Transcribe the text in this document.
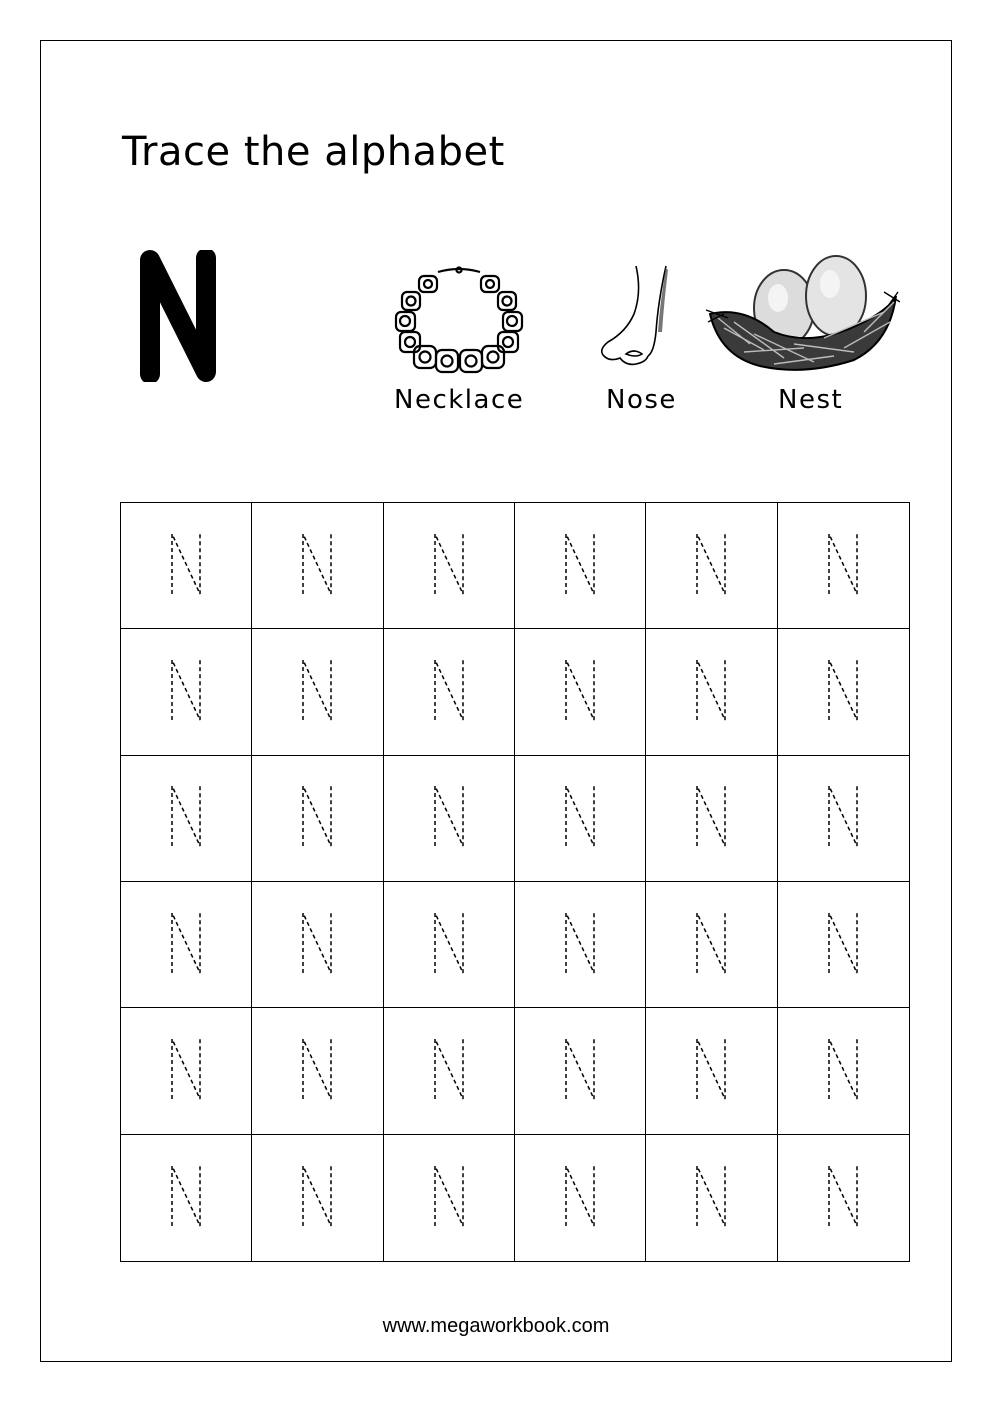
Trace the alphabet
Necklace	Nose	Nest
www.megaworkbook.com
